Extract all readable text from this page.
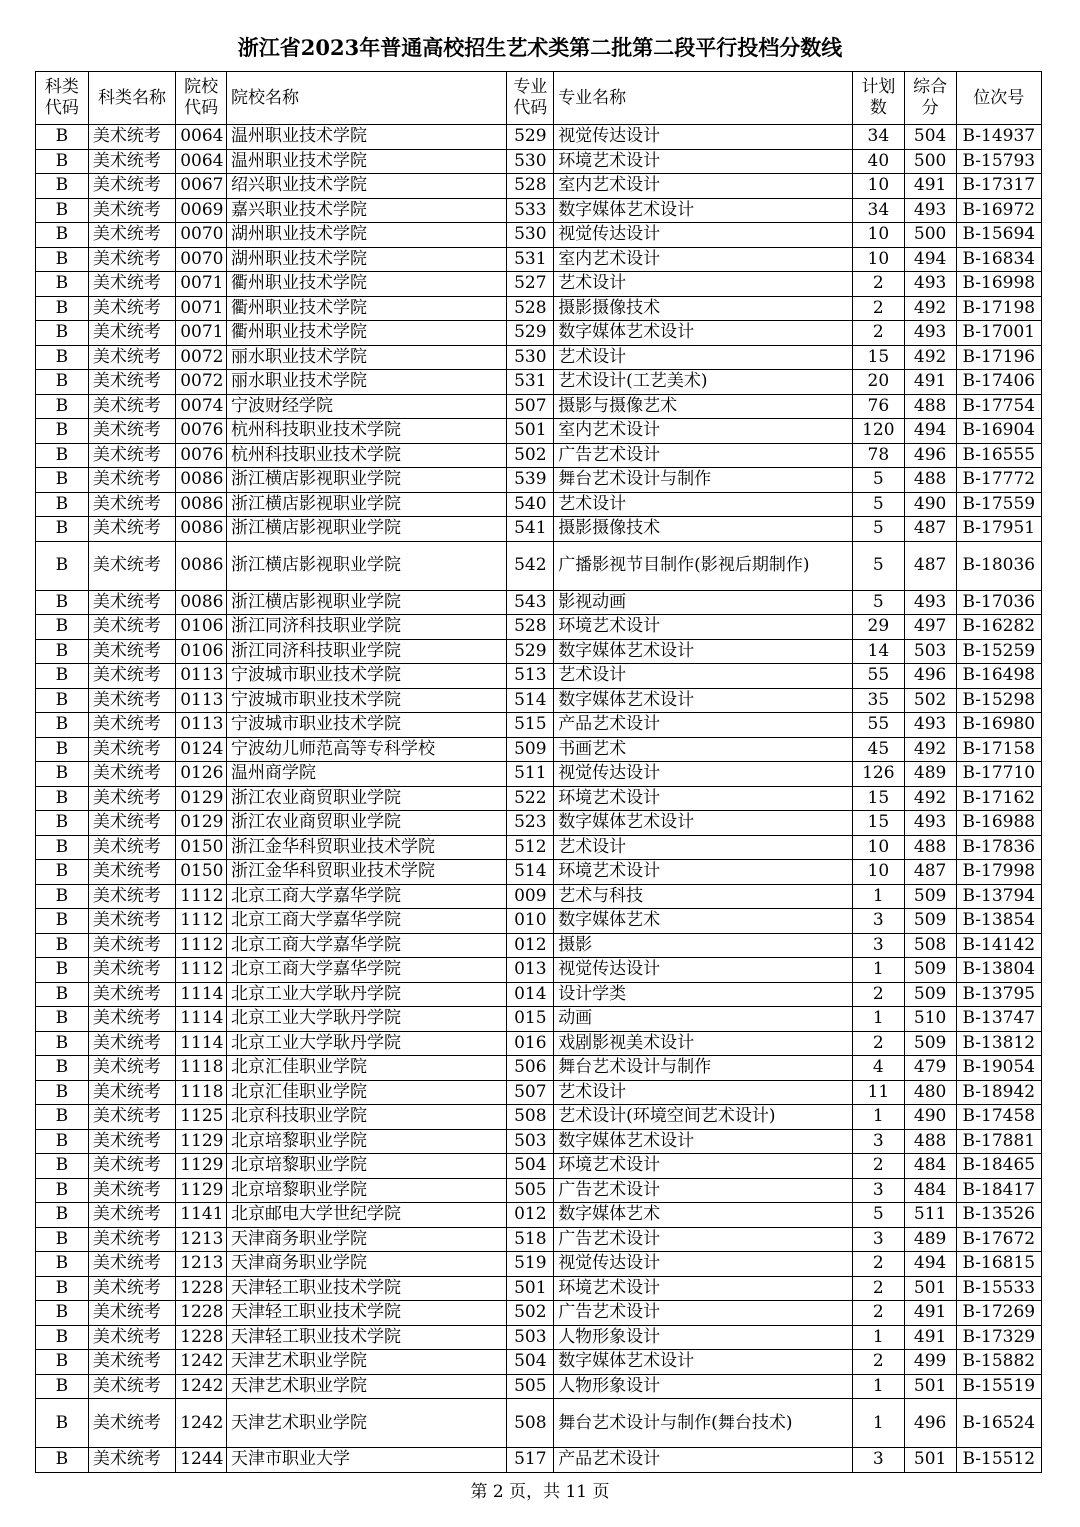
浙江省2023年普通高校招生艺术类第二批第二段平行投档分数线
科类代码	科类名称	院校代码	院校名称	专业代码	专业名称	计划数	综合分	位次号
B	美术统考	0064	温州职业技术学院	529	视觉传达设计	34	504	B-14937
B	美术统考	0064	温州职业技术学院	530	环境艺术设计	40	500	B-15793
B	美术统考	0067	绍兴职业技术学院	528	室内艺术设计	10	491	B-17317
B	美术统考	0069	嘉兴职业技术学院	533	数字媒体艺术设计	34	493	B-16972
B	美术统考	0070	湖州职业技术学院	530	视觉传达设计	10	500	B-15694
B	美术统考	0070	湖州职业技术学院	531	室内艺术设计	10	494	B-16834
B	美术统考	0071	衢州职业技术学院	527	艺术设计	2	493	B-16998
B	美术统考	0071	衢州职业技术学院	528	摄影摄像技术	2	492	B-17198
B	美术统考	0071	衢州职业技术学院	529	数字媒体艺术设计	2	493	B-17001
B	美术统考	0072	丽水职业技术学院	530	艺术设计	15	492	B-17196
B	美术统考	0072	丽水职业技术学院	531	艺术设计(工艺美术)	20	491	B-17406
B	美术统考	0074	宁波财经学院	507	摄影与摄像艺术	76	488	B-17754
B	美术统考	0076	杭州科技职业技术学院	501	室内艺术设计	120	494	B-16904
B	美术统考	0076	杭州科技职业技术学院	502	广告艺术设计	78	496	B-16555
B	美术统考	0086	浙江横店影视职业学院	539	舞台艺术设计与制作	5	488	B-17772
B	美术统考	0086	浙江横店影视职业学院	540	艺术设计	5	490	B-17559
B	美术统考	0086	浙江横店影视职业学院	541	摄影摄像技术	5	487	B-17951
B	美术统考	0086	浙江横店影视职业学院	542	广播影视节目制作(影视后期制作)	5	487	B-18036
B	美术统考	0086	浙江横店影视职业学院	543	影视动画	5	493	B-17036
B	美术统考	0106	浙江同济科技职业学院	528	环境艺术设计	29	497	B-16282
B	美术统考	0106	浙江同济科技职业学院	529	数字媒体艺术设计	14	503	B-15259
B	美术统考	0113	宁波城市职业技术学院	513	艺术设计	55	496	B-16498
B	美术统考	0113	宁波城市职业技术学院	514	数字媒体艺术设计	35	502	B-15298
B	美术统考	0113	宁波城市职业技术学院	515	产品艺术设计	55	493	B-16980
B	美术统考	0124	宁波幼儿师范高等专科学校	509	书画艺术	45	492	B-17158
B	美术统考	0126	温州商学院	511	视觉传达设计	126	489	B-17710
B	美术统考	0129	浙江农业商贸职业学院	522	环境艺术设计	15	492	B-17162
B	美术统考	0129	浙江农业商贸职业学院	523	数字媒体艺术设计	15	493	B-16988
B	美术统考	0150	浙江金华科贸职业技术学院	512	艺术设计	10	488	B-17836
B	美术统考	0150	浙江金华科贸职业技术学院	514	环境艺术设计	10	487	B-17998
B	美术统考	1112	北京工商大学嘉华学院	009	艺术与科技	1	509	B-13794
B	美术统考	1112	北京工商大学嘉华学院	010	数字媒体艺术	3	509	B-13854
B	美术统考	1112	北京工商大学嘉华学院	012	摄影	3	508	B-14142
B	美术统考	1112	北京工商大学嘉华学院	013	视觉传达设计	1	509	B-13804
B	美术统考	1114	北京工业大学耿丹学院	014	设计学类	2	509	B-13795
B	美术统考	1114	北京工业大学耿丹学院	015	动画	1	510	B-13747
B	美术统考	1114	北京工业大学耿丹学院	016	戏剧影视美术设计	2	509	B-13812
B	美术统考	1118	北京汇佳职业学院	506	舞台艺术设计与制作	4	479	B-19054
B	美术统考	1118	北京汇佳职业学院	507	艺术设计	11	480	B-18942
B	美术统考	1125	北京科技职业学院	508	艺术设计(环境空间艺术设计)	1	490	B-17458
B	美术统考	1129	北京培黎职业学院	503	数字媒体艺术设计	3	488	B-17881
B	美术统考	1129	北京培黎职业学院	504	环境艺术设计	2	484	B-18465
B	美术统考	1129	北京培黎职业学院	505	广告艺术设计	3	484	B-18417
B	美术统考	1141	北京邮电大学世纪学院	012	数字媒体艺术	5	511	B-13526
B	美术统考	1213	天津商务职业学院	518	广告艺术设计	3	489	B-17672
B	美术统考	1213	天津商务职业学院	519	视觉传达设计	2	494	B-16815
B	美术统考	1228	天津轻工职业技术学院	501	环境艺术设计	2	501	B-15533
B	美术统考	1228	天津轻工职业技术学院	502	广告艺术设计	2	491	B-17269
B	美术统考	1228	天津轻工职业技术学院	503	人物形象设计	1	491	B-17329
B	美术统考	1242	天津艺术职业学院	504	数字媒体艺术设计	2	499	B-15882
B	美术统考	1242	天津艺术职业学院	505	人物形象设计	1	501	B-15519
B	美术统考	1242	天津艺术职业学院	508	舞台艺术设计与制作(舞台技术)	1	496	B-16524
B	美术统考	1244	天津市职业大学	517	产品艺术设计	3	501	B-15512
第 2 页，共 11 页
